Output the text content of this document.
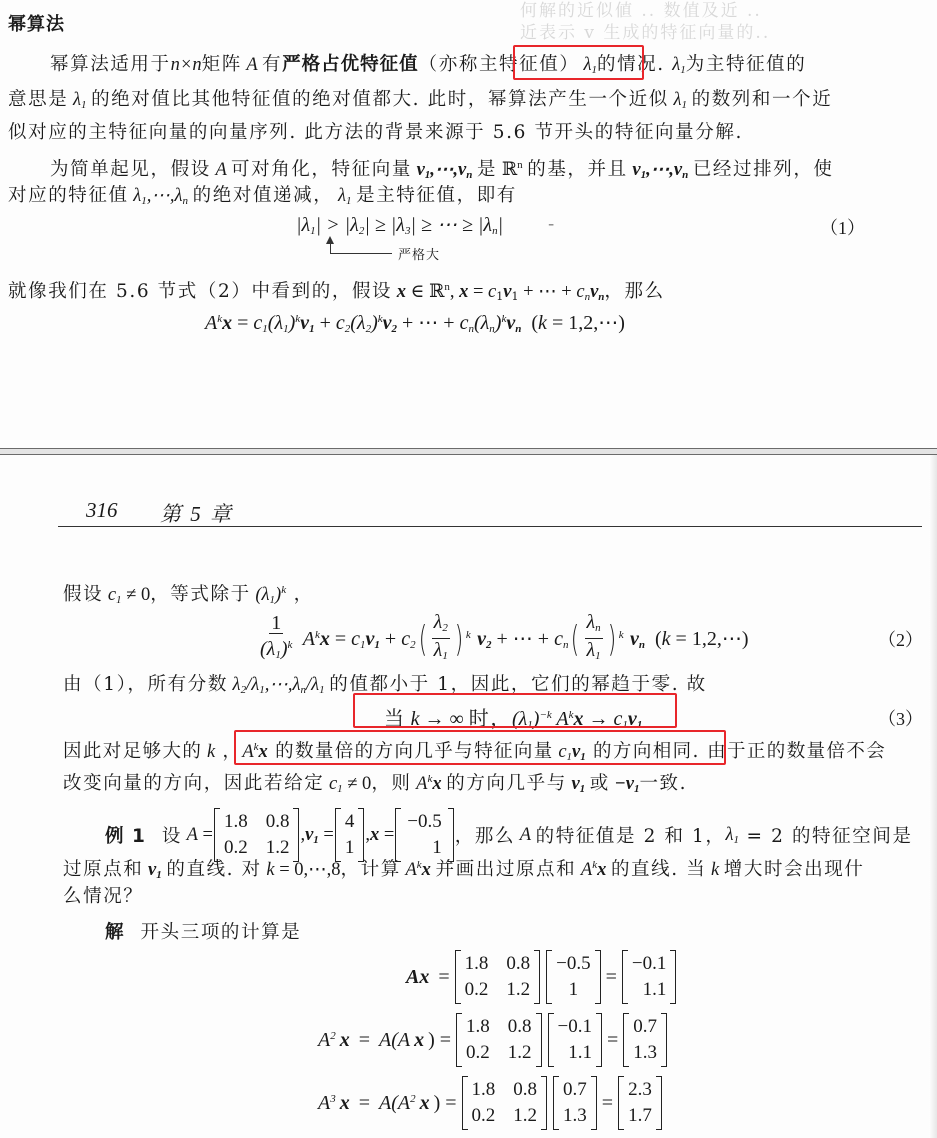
何解的近似値 .. 数值及近 ..
近表示 v 生成的特征向量的..
幂算法
幂算法适用于n×n矩阵 A 有严格占优特征值（亦称主特征值） $\lambda_1$的情况. $\lambda_1$为主特征值的
意思是 $\lambda_1$ 的绝对值比其他特征值的绝对值都大. 此时，幂算法产生一个近似 $\lambda_1$ 的数列和一个近
似对应的主特征向量的向量序列. 此方法的背景来源于 5.6 节开头的特征向量分解.
为简单起见，假设 A 可对角化，特征向量 $v_1,\cdots,v_n$ 是 ℝ$^n$ 的基，并且 $v_1,\cdots,v_n$ 已经过排列，使
对应的特征值 $\lambda_1,\cdots,\lambda_n$ 的绝对值递减， $\lambda_1$ 是主特征值，即有
$|\lambda_1| > |\lambda_2| \ge |\lambda_3|$ ≥ ⋯ ≥ $|\lambda_n|$	（1）
严格大
-
就像我们在 5.6 节式（2）中看到的，假设 x ∈ ℝ$^n$, $x = c_1v_1$ + ⋯ + $c_nv_n$，那么
$A^kx = c_1(\lambda_1)^kv_1 + c_2(\lambda_2)^kv_2$ + ⋯ + $c_n(\lambda_n)^kv_n$  (k = 1,2,⋯)
316 第 5 章
假设 $c_1 \ne 0$，等式除于 $(\lambda_1)^k$ ，
$\frac{1}{(\lambda_1)^k} A^kx = c_1v_1 + c_2( \frac{\lambda_2}{\lambda_1}$ ) $^k$ $v_2$ + ⋯ + $c_n( \frac{\lambda_n}{\lambda_1}$ ) $^k$ $v_n$  (k = 1,2,⋯)	（2）
由（1），所有分数 $\lambda_2/\lambda_1,\cdots,\lambda_n/\lambda_1$ 的值都小于 1，因此，它们的幂趋于零. 故
当 k → ∞ 时，$(\lambda_1)^{-k}$ $A^kx \to c_1v_1$	（3）
因此对足够大的 k ，$A^kx$ 的数量倍的方向几乎与特征向量 $c_1v_1$ 的方向相同. 由于正的数量倍不会
改变向量的方向，因此若给定 $c_1 \ne 0$，则 $A^kx$ 的方向几乎与 $v_1$ 或 $-v_1$一致.
例 1 设 A =
1.8 0.8
0.2 1.2
, $v_1$ =
4
1
, x =
−0.5
1
，那么 A 的特征值是 2 和 1， $\lambda_1$
= 2 的特征空间是
过原点和 $v_1$ 的直线. 对 k = 0,⋯,8，计算 $A^kx$ 并画出过原点和 $A^kx$ 的直线. 当 k 增大时会出现什
么情况？
解 开头三项的计算是
Ax =
1.8 0.8
0.2 1.2
−0.5
1
=
−0.1
1.1
$A^2$ x = A(A x ) =
1.8 0.8
0.2 1.2
−0.1
1.1
=
0.7
1.3
$A^3$ $x = A(A^2$ x ) =
1.8 0.8
0.2 1.2
0.7
1.3
=
2.3
1.7
